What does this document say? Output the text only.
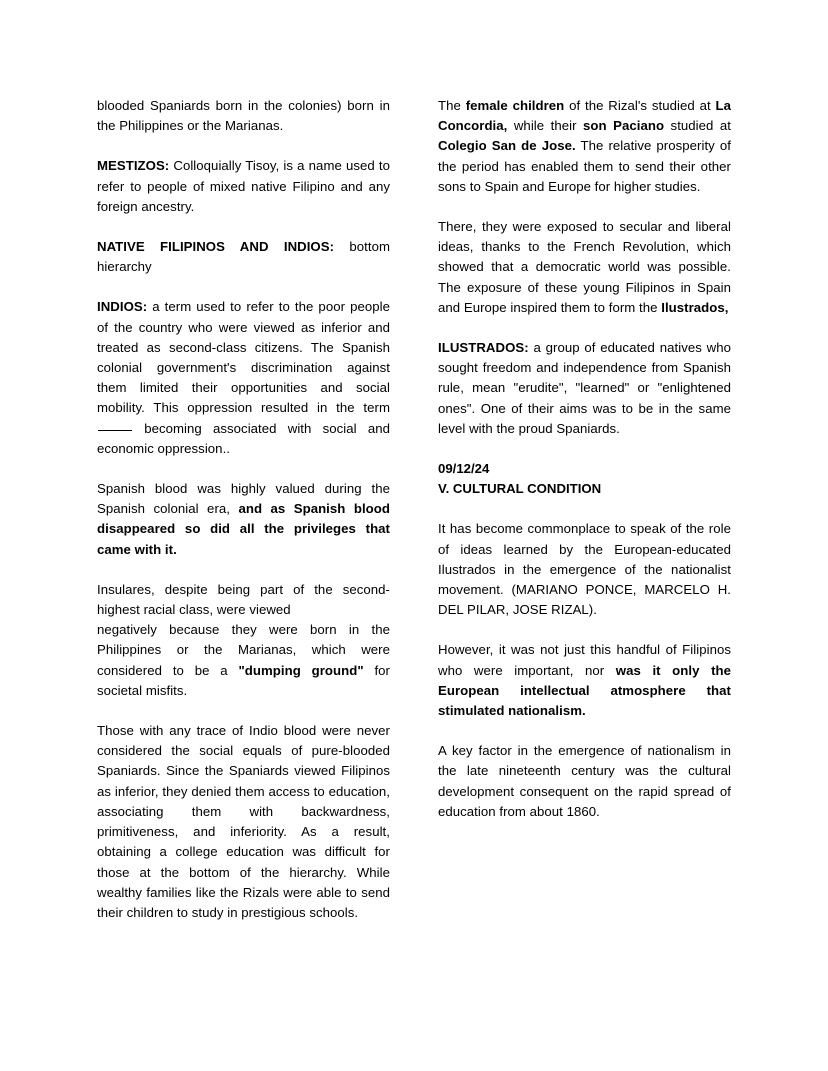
blooded Spaniards born in the colonies) born in the Philippines or the Marianas.

MESTIZOS: Colloquially Tisoy, is a name used to refer to people of mixed native Filipino and any foreign ancestry.

NATIVE FILIPINOS AND INDIOS: bottom hierarchy

INDIOS: a term used to refer to the poor people of the country who were viewed as inferior and treated as second-class citizens. The Spanish colonial government's discrimination against them limited their opportunities and social mobility. This oppression resulted in the term  becoming associated with social and economic oppression..

Spanish blood was highly valued during the Spanish colonial era, and as Spanish blood disappeared so did all the privileges that came with it.

Insulares, despite being part of the second-highest racial class, were viewed
negatively because they were born in the Philippines or the Marianas, which were considered to be a "dumping ground" for societal misfits.

Those with any trace of Indio blood were never considered the social equals of pure-blooded Spaniards. Since the Spaniards viewed Filipinos as inferior, they denied them access to education, associating them with backwardness, primitiveness, and inferiority. As a result, obtaining a college education was difficult for those at the bottom of the hierarchy. While wealthy families like the Rizals were able to send their children to study in prestigious schools.

The female children of the Rizal's studied at La Concordia, while their son Paciano studied at Colegio San de Jose. The relative prosperity of the period has enabled them to send their other sons to Spain and Europe for higher studies.

There, they were exposed to secular and liberal ideas, thanks to the French Revolution, which showed that a democratic world was possible. The exposure of these young Filipinos in Spain and Europe inspired them to form the Ilustrados,

ILUSTRADOS: a group of educated natives who sought freedom and independence from Spanish rule, mean "erudite", "learned" or "enlightened ones". One of their aims was to be in the same level with the proud Spaniards.

09/12/24
V. CULTURAL CONDITION

It has become commonplace to speak of the role of ideas learned by the European-educated Ilustrados in the emergence of the nationalist movement. (MARIANO PONCE, MARCELO H. DEL PILAR, JOSE RIZAL).

However, it was not just this handful of Filipinos who were important, nor was it only the European intellectual atmosphere that stimulated nationalism.

A key factor in the emergence of nationalism in the late nineteenth century was the cultural development consequent on the rapid spread of education from about 1860.
